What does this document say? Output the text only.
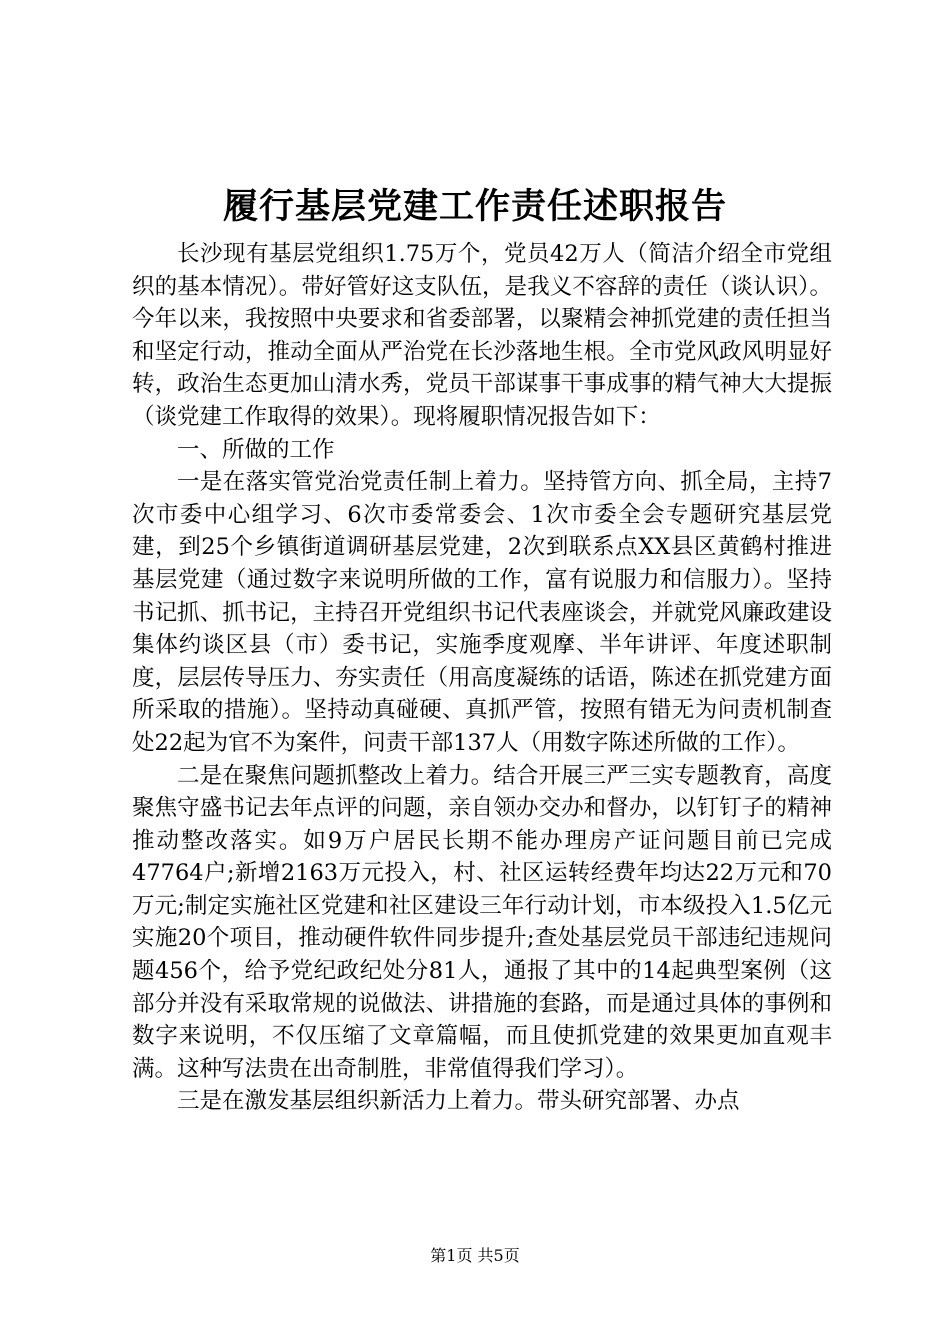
履行基层党建工作责任述职报告

长沙现有基层党组织1.75万个，党员42万人（简洁介绍全市党组织的基本情况）。带好管好这支队伍，是我义不容辞的责任（谈认识）。今年以来，我按照中央要求和省委部署，以聚精会神抓党建的责任担当和坚定行动，推动全面从严治党在长沙落地生根。全市党风政风明显好转，政治生态更加山清水秀，党员干部谋事干事成事的精气神大大提振（谈党建工作取得的效果）。现将履职情况报告如下：

一、所做的工作

一是在落实管党治党责任制上着力。坚持管方向、抓全局，主持7次市委中心组学习、6次市委常委会、1次市委全会专题研究基层党建，到25个乡镇街道调研基层党建，2次到联系点XX县区黄鹤村推进基层党建（通过数字来说明所做的工作，富有说服力和信服力）。坚持书记抓、抓书记，主持召开党组织书记代表座谈会，并就党风廉政建设集体约谈区县（市）委书记，实施季度观摩、半年讲评、年度述职制度，层层传导压力、夯实责任（用高度凝练的话语，陈述在抓党建方面所采取的措施）。坚持动真碰硬、真抓严管，按照有错无为问责机制查处22起为官不为案件，问责干部137人（用数字陈述所做的工作）。

二是在聚焦问题抓整改上着力。结合开展三严三实专题教育，高度聚焦守盛书记去年点评的问题，亲自领办交办和督办，以钉钉子的精神推动整改落实。如9万户居民长期不能办理房产证问题目前已完成47764户;新增2163万元投入，村、社区运转经费年均达22万元和70万元;制定实施社区党建和社区建设三年行动计划，市本级投入1.5亿元实施20个项目，推动硬件软件同步提升;查处基层党员干部违纪违规问题456个，给予党纪政纪处分81人，通报了其中的14起典型案例（这部分并没有采取常规的说做法、讲措施的套路，而是通过具体的事例和数字来说明，不仅压缩了文章篇幅，而且使抓党建的效果更加直观丰满。这种写法贵在出奇制胜，非常值得我们学习）。

三是在激发基层组织新活力上着力。带头研究部署、办点

第1页 共5页
